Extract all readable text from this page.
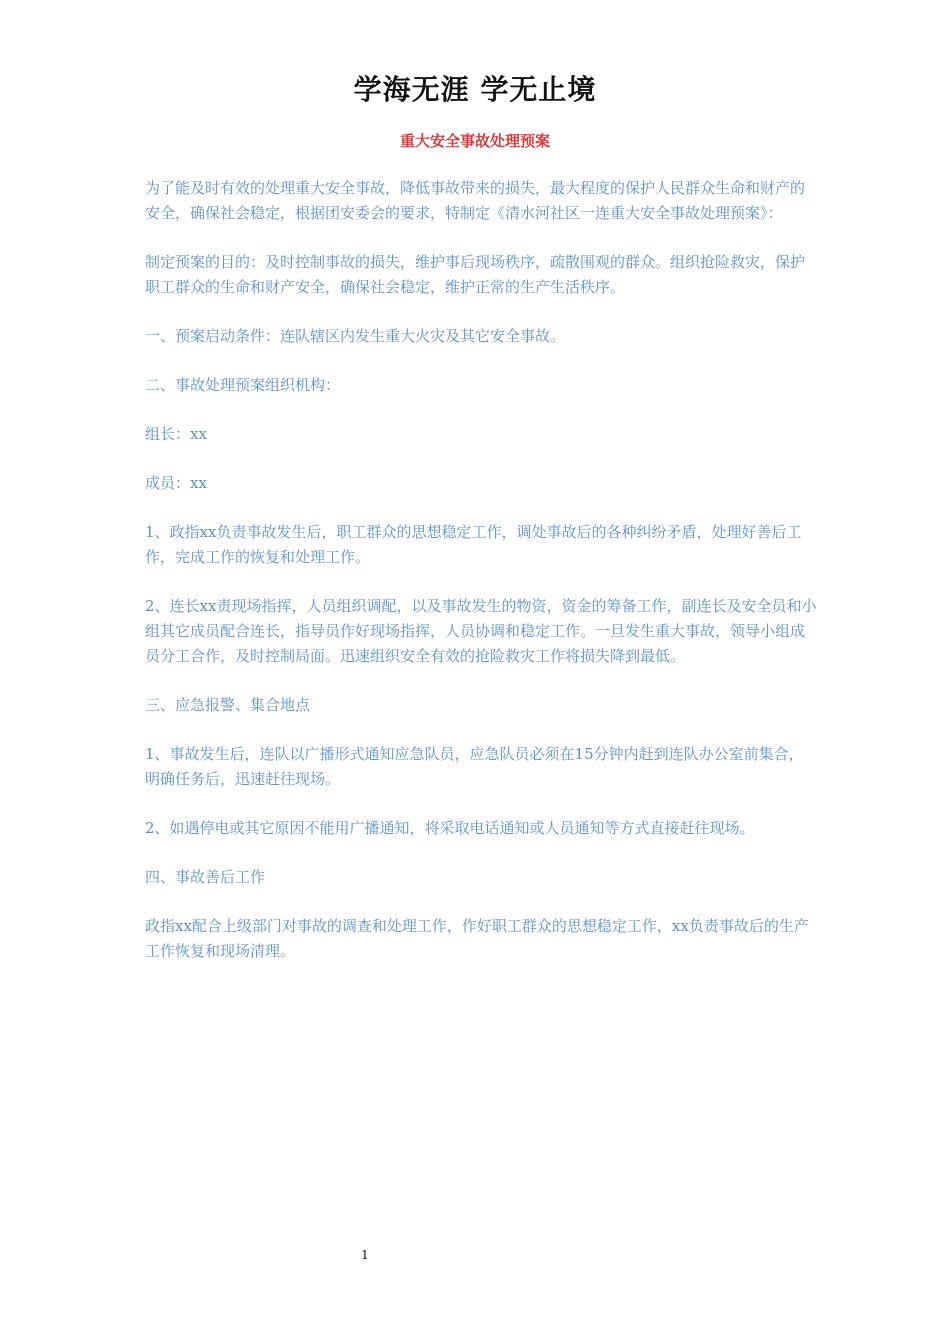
学海无涯 学无止境
重大安全事故处理预案

为了能及时有效的处理重大安全事故，降低事故带来的损失，最大程度的保护人民群众生命和财产的安全，确保社会稳定，根据团安委会的要求，特制定《清水河社区一连重大安全事故处理预案》：

制定预案的目的：及时控制事故的损失，维护事后现场秩序，疏散围观的群众。组织抢险救灾，保护职工群众的生命和财产安全，确保社会稳定，维护正常的生产生活秩序。

一、预案启动条件：连队辖区内发生重大火灾及其它安全事故。

二、事故处理预案组织机构：

组长：xx

成员：xx

1、政指xx负责事故发生后，职工群众的思想稳定工作，调处事故后的各种纠纷矛盾，处理好善后工作，完成工作的恢复和处理工作。

2、连长xx责现场指挥，人员组织调配，以及事故发生的物资，资金的筹备工作，副连长及安全员和小组其它成员配合连长，指导员作好现场指挥，人员协调和稳定工作。一旦发生重大事故，领导小组成员分工合作，及时控制局面。迅速组织安全有效的抢险救灾工作将损失降到最低。

三、应急报警、集合地点

1、事故发生后，连队以广播形式通知应急队员，应急队员必须在15分钟内赶到连队办公室前集合，明确任务后，迅速赶往现场。

2、如遇停电或其它原因不能用广播通知，将采取电话通知或人员通知等方式直接赶往现场。

四、事故善后工作

政指xx配合上级部门对事故的调查和处理工作，作好职工群众的思想稳定工作，xx负责事故后的生产工作恢复和现场清理。

1
